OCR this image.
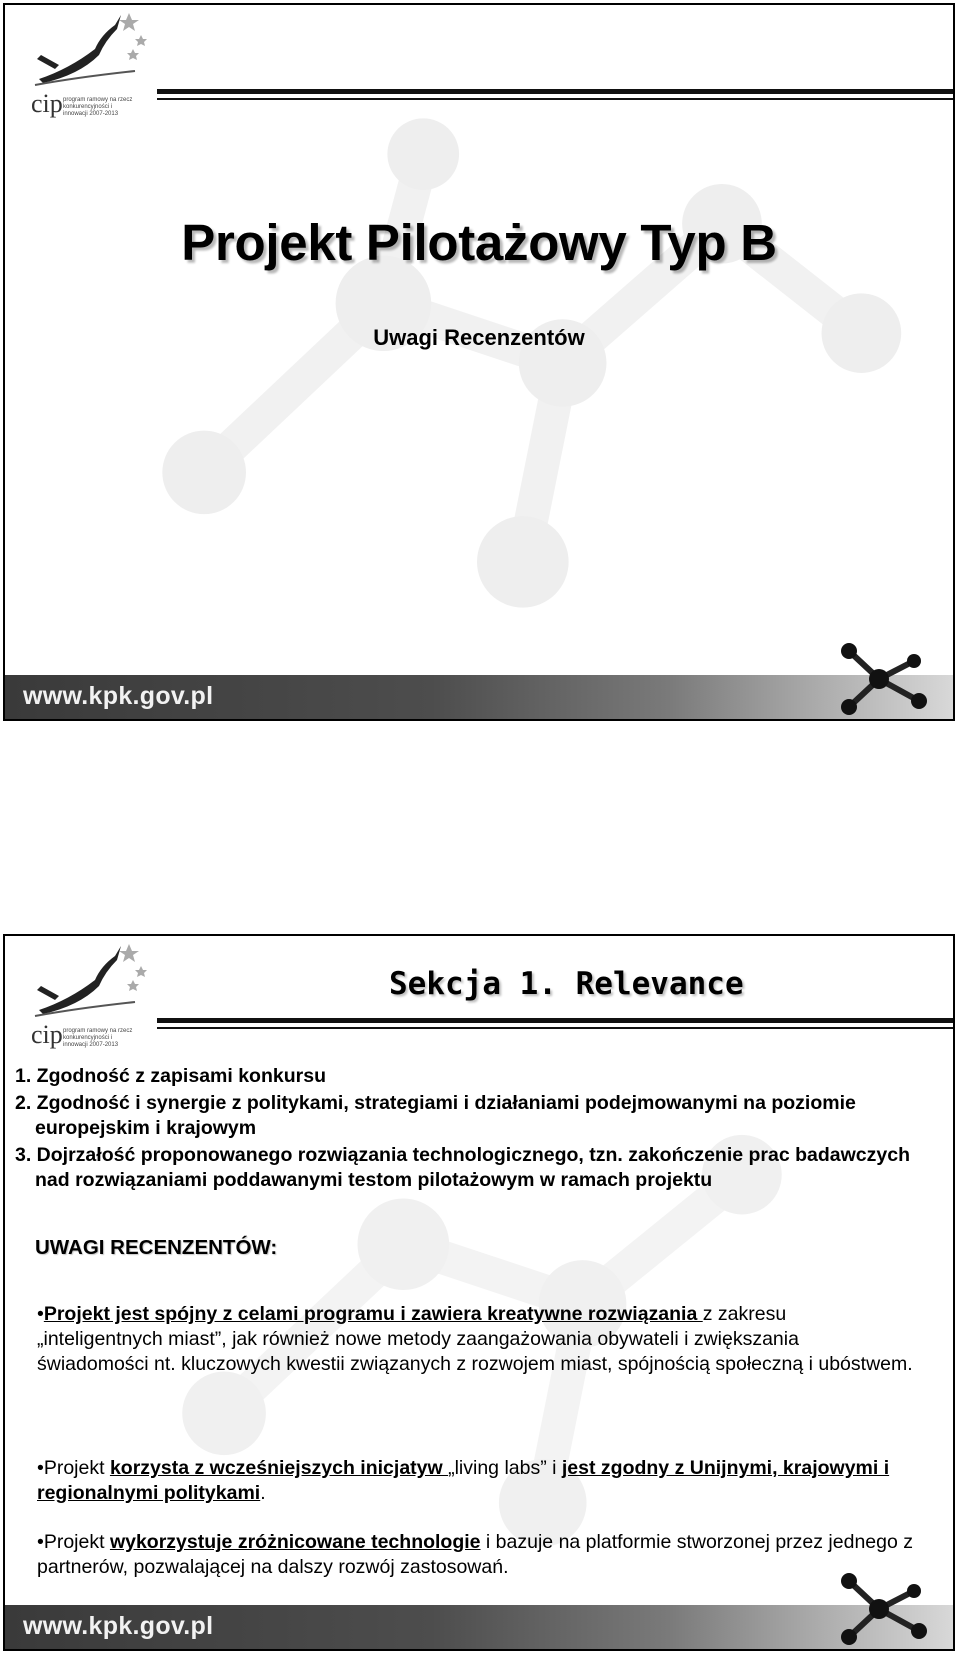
cip program ramowy na rzecz konkurencyjności i innowacji 2007-2013
Projekt Pilotażowy Typ B
Uwagi Recenzentów
www.kpk.gov.pl
cip program ramowy na rzecz konkurencyjności i innowacji 2007-2013
Sekcja 1. Relevance
1. Zgodność z zapisami konkursu
2. Zgodność i synergie z politykami, strategiami i działaniami podejmowanymi na poziomie europejskim i krajowym
3. Dojrzałość proponowanego rozwiązania technologicznego, tzn. zakończenie prac badawczych nad rozwiązaniami poddawanymi testom pilotażowym w ramach projektu
UWAGI RECENZENTÓW:
•Projekt jest spójny z celami programu i zawiera kreatywne rozwiązania z zakresu „inteligentnych miast”, jak również nowe metody zaangażowania obywateli i zwiększania świadomości nt. kluczowych kwestii związanych z rozwojem miast, spójnością społeczną i ubóstwem.
•Projekt korzysta z wcześniejszych inicjatyw „living labs” i jest zgodny z Unijnymi, krajowymi i regionalnymi politykami.
•Projekt wykorzystuje zróżnicowane technologie i bazuje na platformie stworzonej przez jednego z partnerów, pozwalającej na dalszy rozwój zastosowań.
www.kpk.gov.pl
